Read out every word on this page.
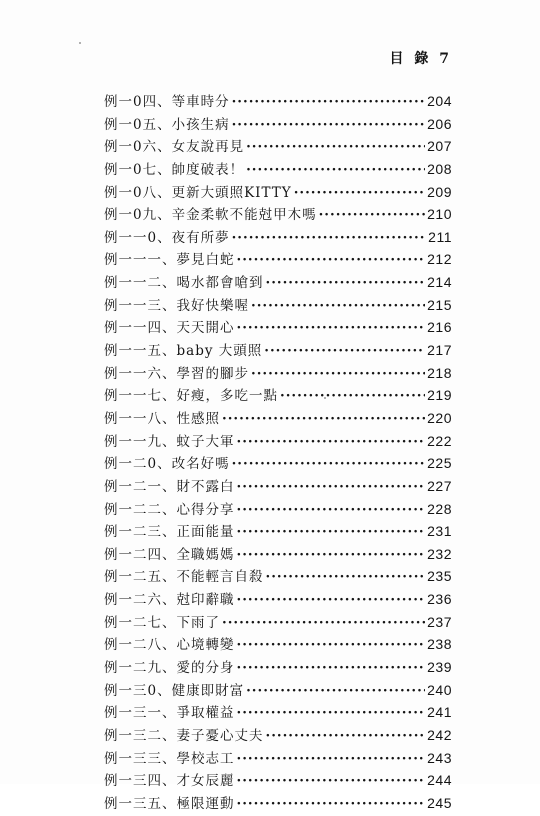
目 錄 7
例一0四、 等車時分 ·····	204
例一0五、 小孩生病 ·····	206
例一0六、 女友說再見 ·····	207
例一0七、 帥度破表！ ·····	208
例一0八、 更新大頭照KITTY ·····	209
例一0九、 辛金柔軟不能尅甲木嗎 ·····	210
例一一0、 夜有所夢 ·····	211
例一一一、 夢見白蛇 ·····	212
例一一二、 喝水都會嗆到 ·····	214
例一一三、 我好快樂喔 ·····	215
例一一四、 天天開心 ·····	216
例一一五、 baby 大頭照 ·····	217
例一一六、 學習的腳步 ·····	218
例一一七、 好瘦，多吃一點 ·····	219
例一一八、 性感照 ·····	220
例一一九、 蚊子大軍 ·····	222
例一二0、 改名好嗎 ·····	225
例一二一、 財不露白 ·····	227
例一二二、 心得分享 ·····	228
例一二三、 正面能量 ·····	231
例一二四、 全職媽媽 ·····	232
例一二五、 不能輕言自殺 ·····	235
例一二六、 尅印辭職 ·····	236
例一二七、 下雨了 ·····	237
例一二八、 心境轉變 ·····	238
例一二九、 愛的分身 ·····	239
例一三0、 健康即財富 ·····	240
例一三一、 爭取權益 ·····	241
例一三二、 妻子憂心丈夫 ·····	242
例一三三、 學校志工 ·····	243
例一三四、 才女辰麗 ·····	244
例一三五、 極限運動 ·····	245
